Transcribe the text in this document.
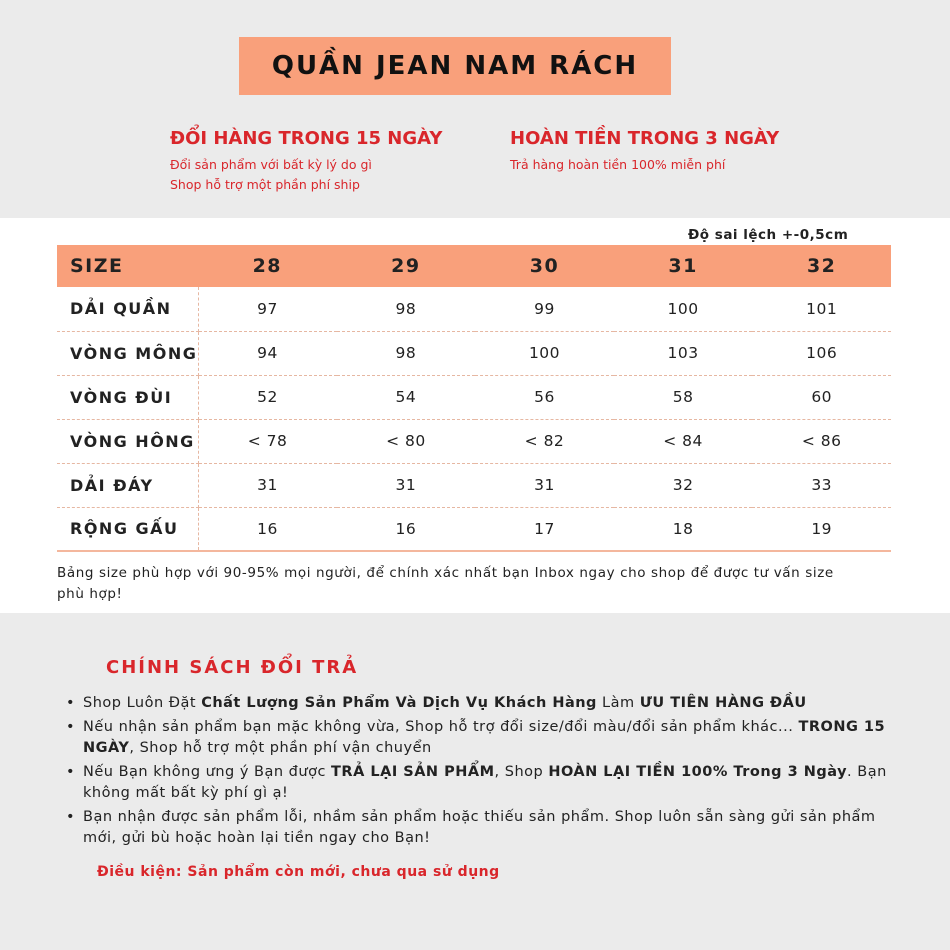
QUẦN JEAN NAM RÁCH
ĐỔI HÀNG TRONG 15 NGÀY
Đổi sản phẩm với bất kỳ lý do gì
Shop hỗ trợ một phần phí ship
HOÀN TIỀN TRONG 3 NGÀY
Trả hàng hoàn tiền 100% miễn phí
Độ sai lệch +-0,5cm
SIZE	28	29	30	31	32
DẢI QUẦN	97	98	99	100	101
VÒNG MÔNG	94	98	100	103	106
VÒNG ĐÙI	52	54	56	58	60
VÒNG HÔNG	< 78	< 80	< 82	< 84	< 86
DẢI ĐÁY	31	31	31	32	33
RỘNG GẤU	16	16	17	18	19
Bảng size phù hợp với 90-95% mọi người, để chính xác nhất bạn Inbox ngay cho shop để được tư vấn size phù hợp!
CHÍNH SÁCH ĐỔI TRẢ
• Shop Luôn Đặt Chất Lượng Sản Phẩm Và Dịch Vụ Khách Hàng Làm ƯU TIÊN HÀNG ĐẦU
• Nếu nhận sản phẩm bạn mặc không vừa, Shop hỗ trợ đổi size/đổi màu/đổi sản phẩm khác... TRONG 15 NGÀY, Shop hỗ trợ một phần phí vận chuyển
• Nếu Bạn không ưng ý Bạn được TRẢ LẠI SẢN PHẨM, Shop HOÀN LẠI TIỀN 100% Trong 3 Ngày. Bạn không mất bất kỳ phí gì ạ!
• Bạn nhận được sản phẩm lỗi, nhầm sản phẩm hoặc thiếu sản phẩm. Shop luôn sẵn sàng gửi sản phẩm mới, gửi bù hoặc hoàn lại tiền ngay cho Bạn!
Điều kiện: Sản phẩm còn mới, chưa qua sử dụng
